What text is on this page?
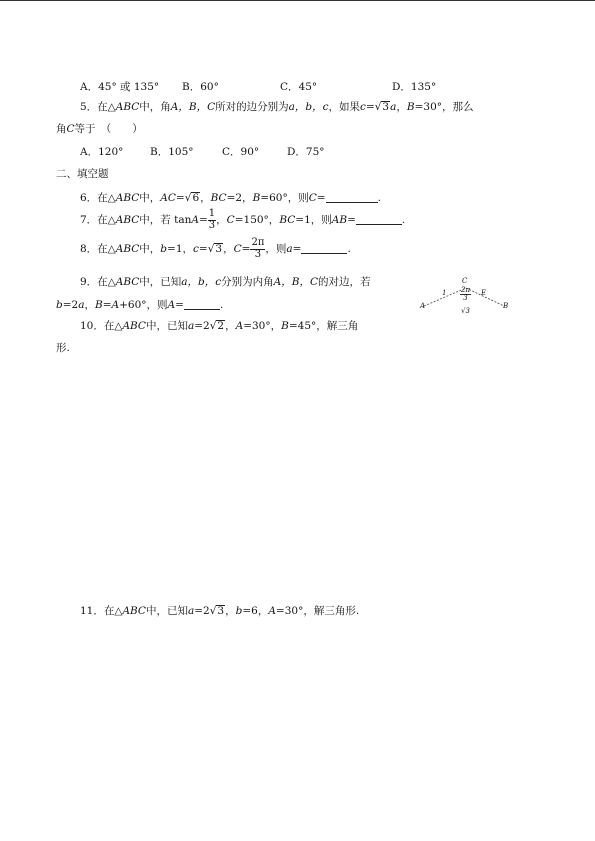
A．45° 或 135° B．60°	C．45°	D．135°
5．在△ABC中，角A，B，C所对的边分别为a，b，c，如果c=√3a，B=30°，那么
角C等于　（　　）
A．120°	B．105°	C．90°	D．75°
二、填空题
6．在△ABC中，AC=√6，BC=2，B=60°，则C=	.
7．在△ABC中，若 $\tan A= \frac{1}{3}$ ，C=150°，BC=1，则AB=	.
8．在△ABC中，b=1，c=√3，$C= \frac{2\pi}{3}$ ，则a=	.
9．在△ABC中，已知a，b，c分别为内角A，B，C的对边，若
b=2a，B=A+60°，则A=	.
C
A	B
1	E
2π
3
√3
10．在△ABC中，已知a=2√2，A=30°，B=45°，解三角
形.
11．在△ABC中，已知a=2√3，b=6，A=30°，解三角形.
